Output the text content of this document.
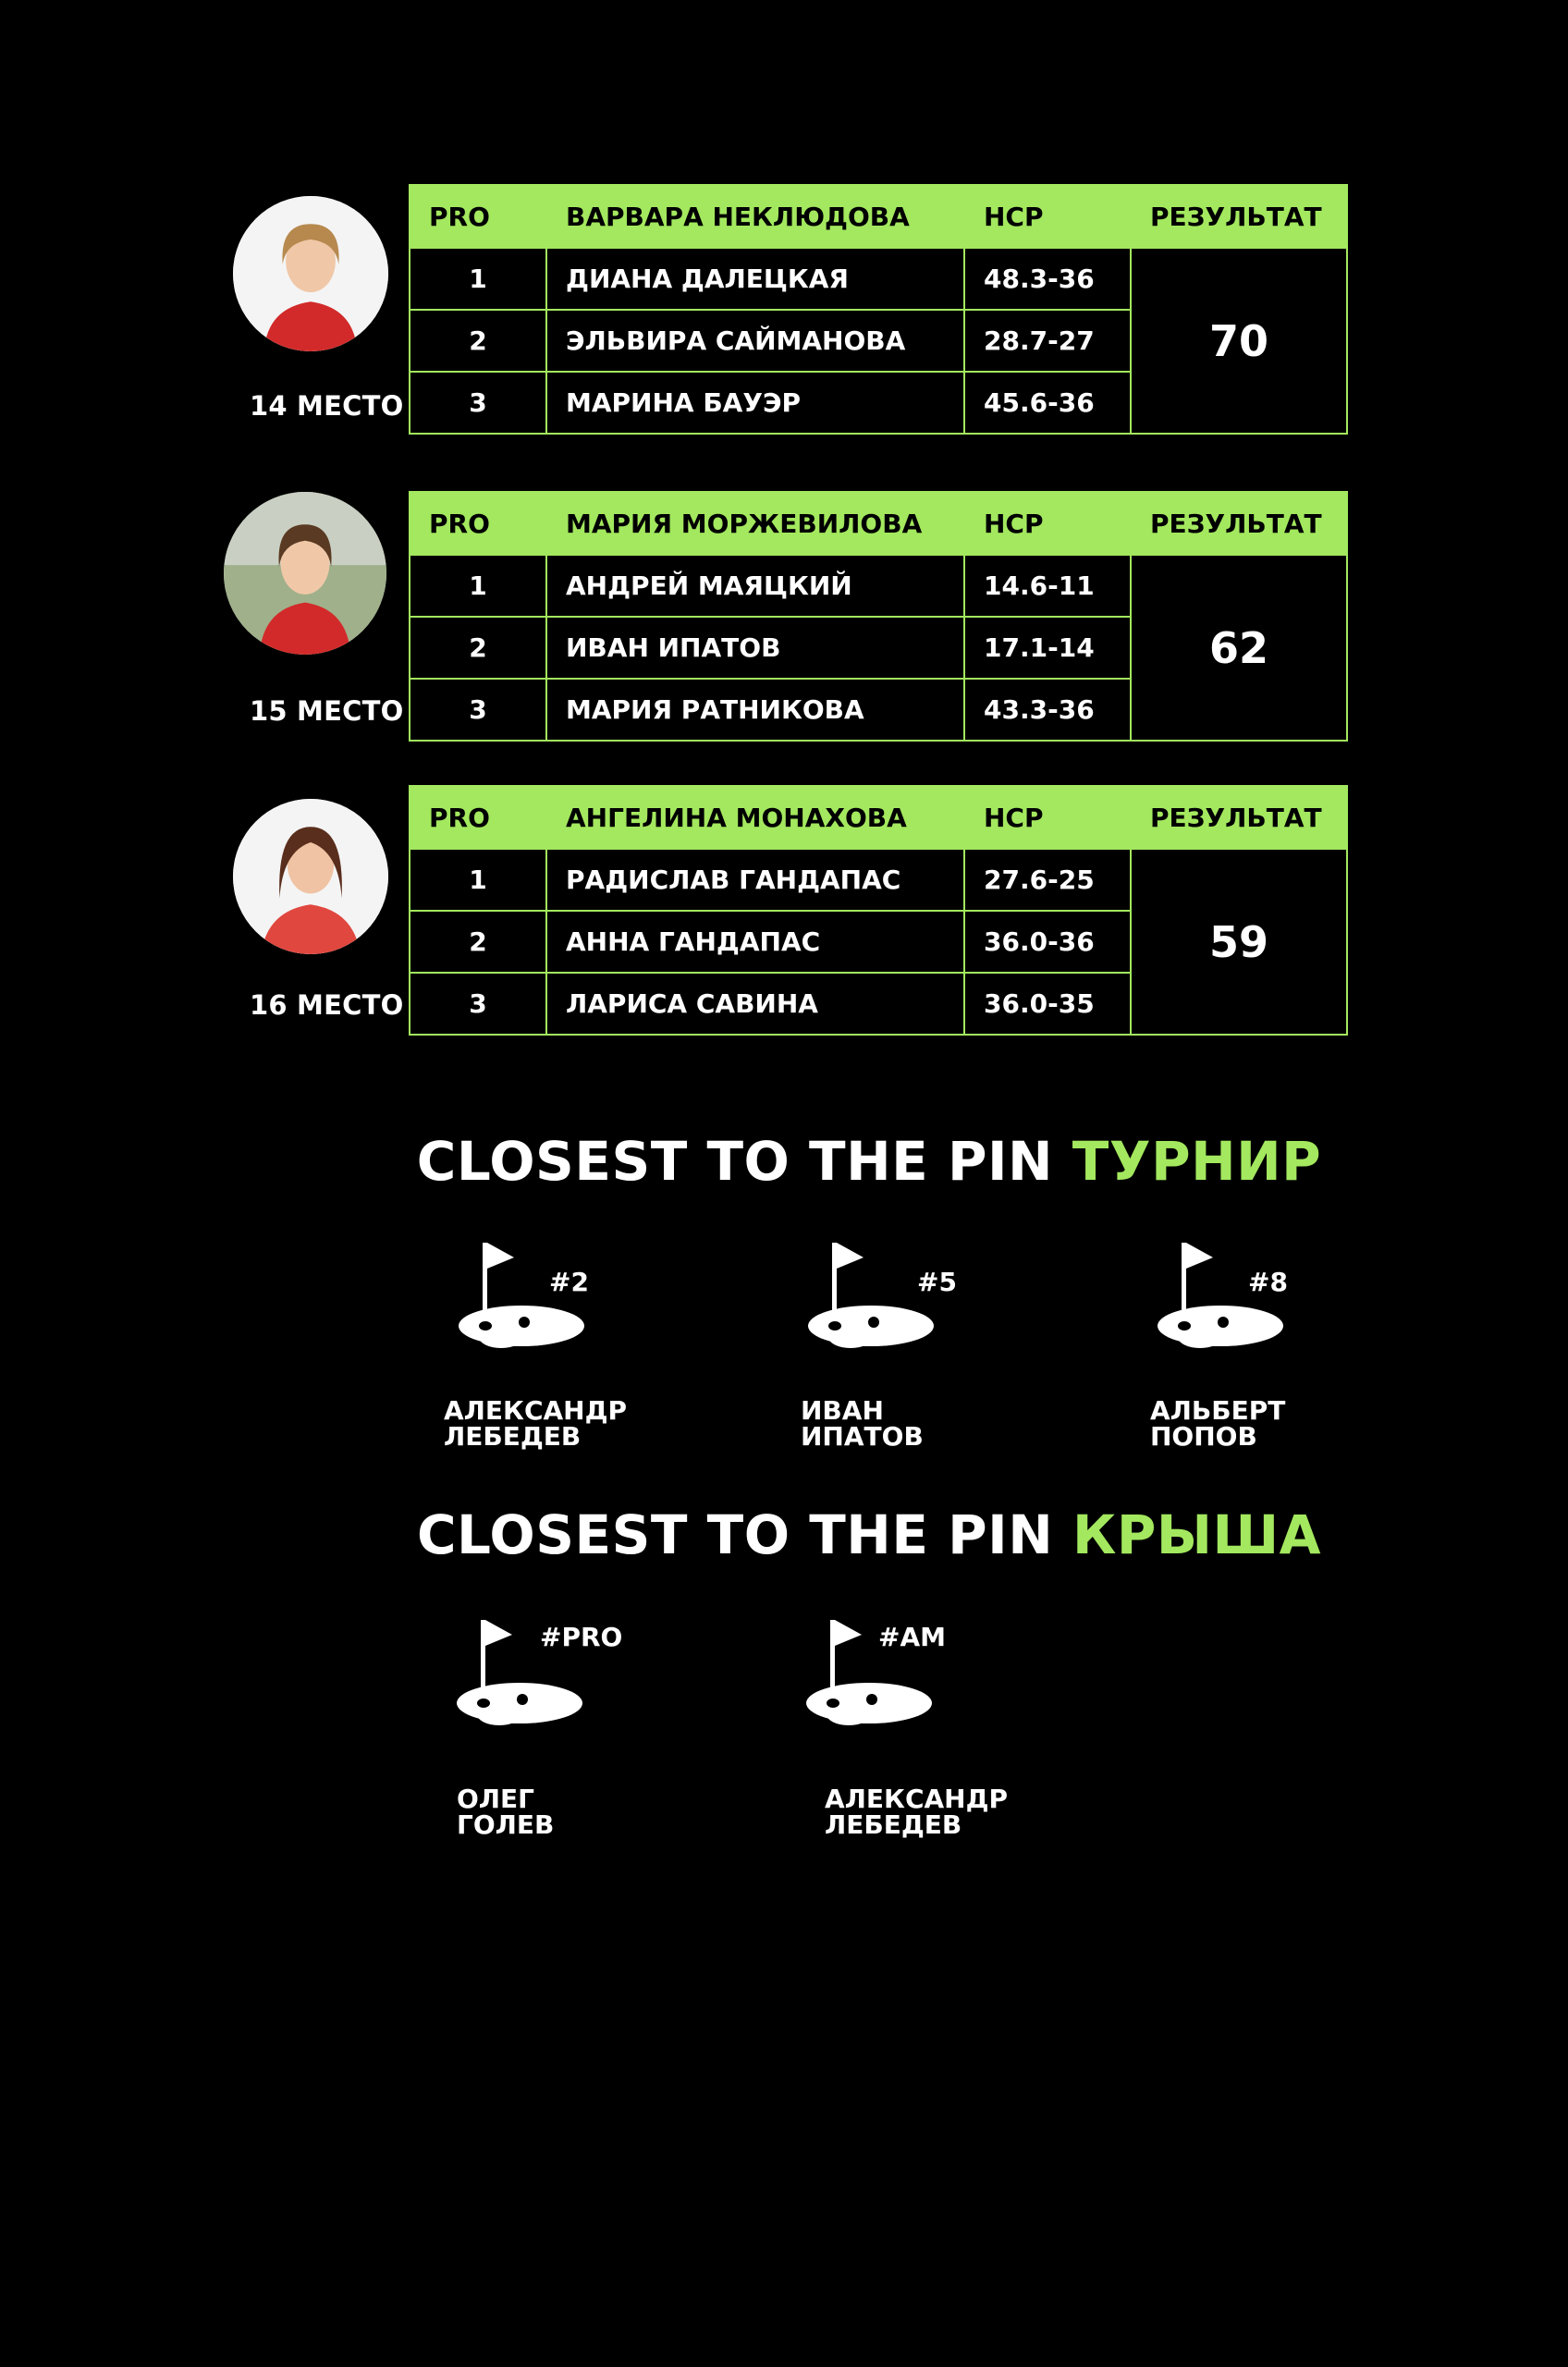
14 МЕСТО
PRO	ВАРВАРА НЕКЛЮДОВА	HCP	РЕЗУЛЬТАТ
1	ДИАНА ДАЛЕЦКАЯ	48.3-36	70
2	ЭЛЬВИРА САЙМАНОВА	28.7-27	
3	МАРИНА БАУЭР	45.6-36	
15 МЕСТО
PRO	МАРИЯ МОРЖЕВИЛОВА	HCP	РЕЗУЛЬТАТ
1	АНДРЕЙ МАЯЦКИЙ	14.6-11	62
2	ИВАН ИПАТОВ	17.1-14	
3	МАРИЯ РАТНИКОВА	43.3-36	
16 МЕСТО
PRO	АНГЕЛИНА МОНАХОВА	HCP	РЕЗУЛЬТАТ
1	РАДИСЛАВ ГАНДАПАС	27.6-25	59
2	АННА ГАНДАПАС	36.0-36	
3	ЛАРИСА САВИНА	36.0-35	
CLOSEST TO THE PIN ТУРНИР
#2
АЛЕКСАНДР
ЛЕБЕДЕВ
#5
ИВАН
ИПАТОВ
#8
АЛЬБЕРТ
ПОПОВ
CLOSEST TO THE PIN КРЫША
#PRO
ОЛЕГ
ГОЛЕВ
#AM
АЛЕКСАНДР
ЛЕБЕДЕВ
